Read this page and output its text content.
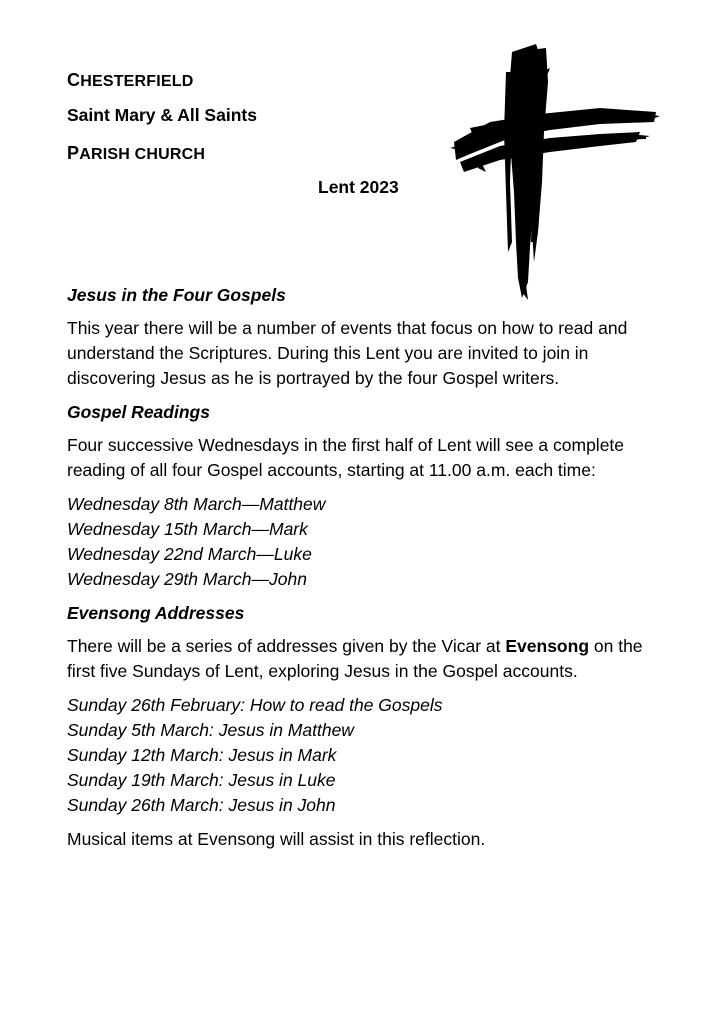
CHESTERFIELD
Saint Mary & All Saints
PARISH CHURCH
Lent 2023
Jesus in the Four Gospels
This year there will be a number of events that focus on how to read and understand the Scriptures. During this Lent you are invited to join in discovering Jesus as he is portrayed by the four Gospel writers.
Gospel Readings
Four successive Wednesdays in the first half of Lent will see a complete reading of all four Gospel accounts, starting at 11.00 a.m. each time:
Wednesday 8th March—Matthew
Wednesday 15th March—Mark
Wednesday 22nd March—Luke
Wednesday 29th March—John
Evensong Addresses
There will be a series of addresses given by the Vicar at Evensong on the first five Sundays of Lent, exploring Jesus in the Gospel accounts.
Sunday 26th February: How to read the Gospels
Sunday 5th March: Jesus in Matthew
Sunday 12th March: Jesus in Mark
Sunday 19th March: Jesus in Luke
Sunday 26th March: Jesus in John
Musical items at Evensong will assist in this reflection.
